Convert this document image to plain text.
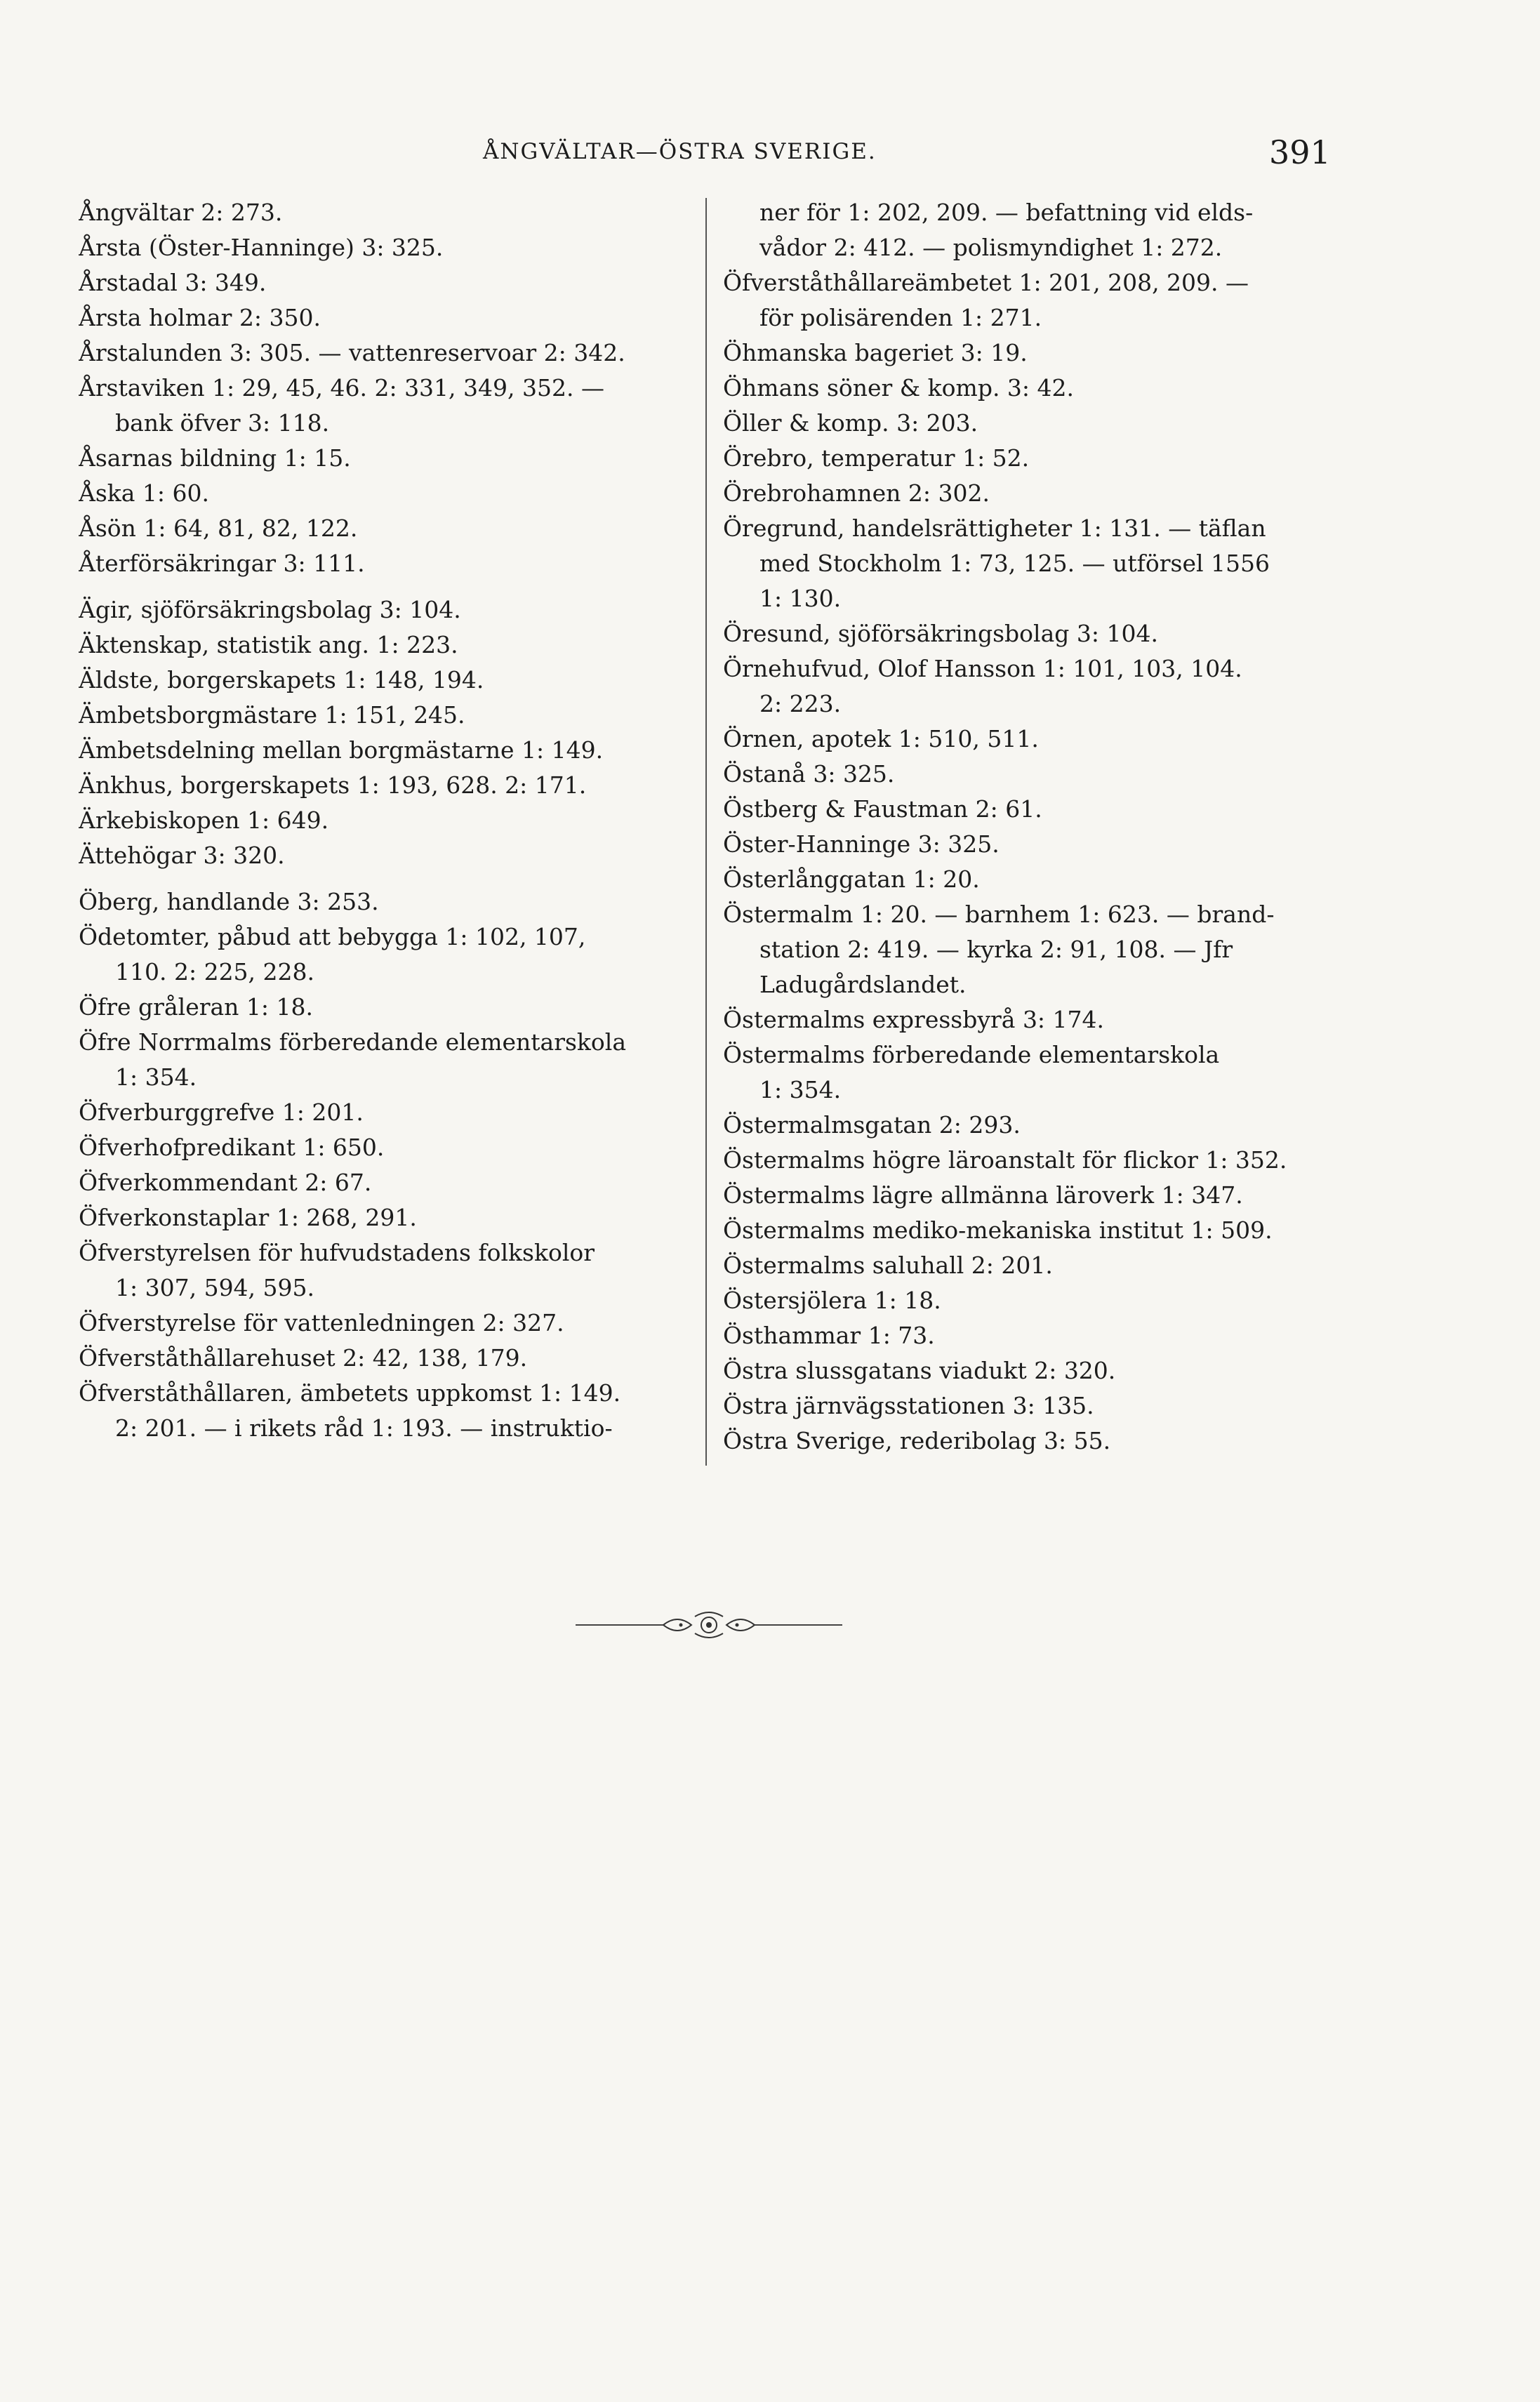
ÅNGVÄLTAR—ÖSTRA SVERIGE.	391
Ångvältar 2: 273.
Årsta (Öster-Hanninge) 3: 325.
Årstadal 3: 349.
Årsta holmar 2: 350.
Årstalunden 3: 305. — vattenreservoar 2: 342.
Årstaviken 1: 29, 45, 46. 2: 331, 349, 352. —
bank öfver 3: 118.
Åsarnas bildning 1: 15.
Åska 1: 60.
Åsön 1: 64, 81, 82, 122.
Återförsäkringar 3: 111.
Ägir, sjöförsäkringsbolag 3: 104.
Äktenskap, statistik ang. 1: 223.
Äldste, borgerskapets 1: 148, 194.
Ämbetsborgmästare 1: 151, 245.
Ämbetsdelning mellan borgmästarne 1: 149.
Änkhus, borgerskapets 1: 193, 628. 2: 171.
Ärkebiskopen 1: 649.
Ättehögar 3: 320.
Öberg, handlande 3: 253.
Ödetomter, påbud att bebygga 1: 102, 107,
110. 2: 225, 228.
Öfre gråleran 1: 18.
Öfre Norrmalms förberedande elementarskola
1: 354.
Öfverburggrefve 1: 201.
Öfverhofpredikant 1: 650.
Öfverkommendant 2: 67.
Öfverkonstaplar 1: 268, 291.
Öfverstyrelsen för hufvudstadens folkskolor
1: 307, 594, 595.
Öfverstyrelse för vattenledningen 2: 327.
Öfverståthållarehuset 2: 42, 138, 179.
Öfverståthållaren, ämbetets uppkomst 1: 149.
2: 201. — i rikets råd 1: 193. — instruktio-
ner för 1: 202, 209. — befattning vid elds-
vådor 2: 412. — polismyndighet 1: 272.
Öfverståthållareämbetet 1: 201, 208, 209. —
för polisärenden 1: 271.
Öhmanska bageriet 3: 19.
Öhmans söner & komp. 3: 42.
Öller & komp. 3: 203.
Örebro, temperatur 1: 52.
Örebrohamnen 2: 302.
Öregrund, handelsrättigheter 1: 131. — täflan
med Stockholm 1: 73, 125. — utförsel 1556
1: 130.
Öresund, sjöförsäkringsbolag 3: 104.
Örnehufvud, Olof Hansson 1: 101, 103, 104.
2: 223.
Örnen, apotek 1: 510, 511.
Östanå 3: 325.
Östberg & Faustman 2: 61.
Öster-Hanninge 3: 325.
Österlånggatan 1: 20.
Östermalm 1: 20. — barnhem 1: 623. — brand-
station 2: 419. — kyrka 2: 91, 108. — Jfr
Ladugårdslandet.
Östermalms expressbyrå 3: 174.
Östermalms förberedande elementarskola
1: 354.
Östermalmsgatan 2: 293.
Östermalms högre läroanstalt för flickor 1: 352.
Östermalms lägre allmänna läroverk 1: 347.
Östermalms mediko-mekaniska institut 1: 509.
Östermalms saluhall 2: 201.
Östersjölera 1: 18.
Östhammar 1: 73.
Östra slussgatans viadukt 2: 320.
Östra järnvägsstationen 3: 135.
Östra Sverige, rederibolag 3: 55.
